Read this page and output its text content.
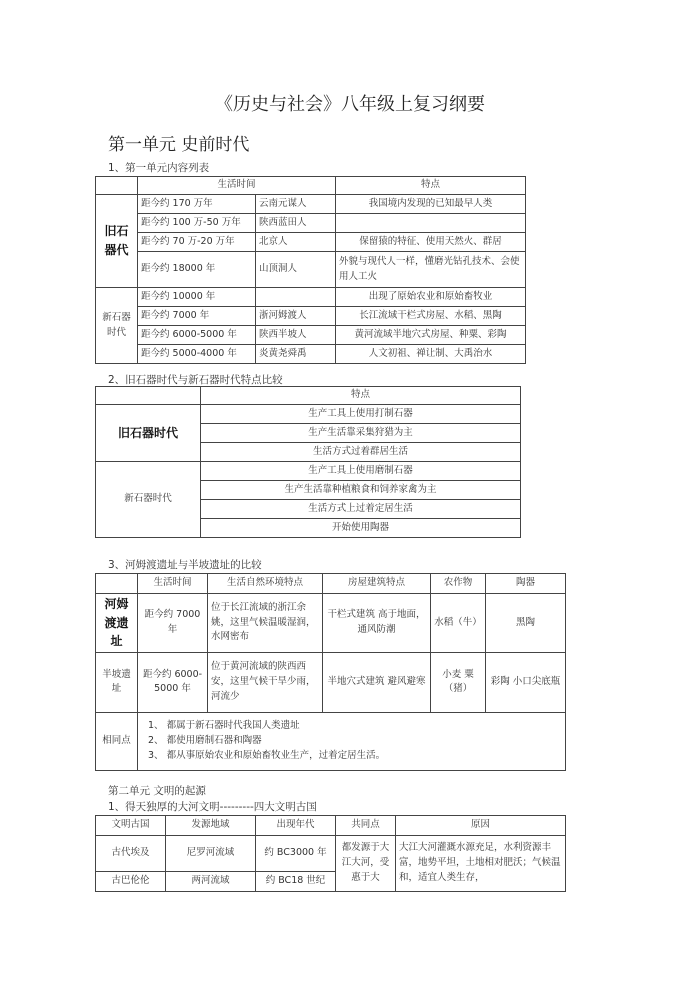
《历史与社会》八年级上复习纲要
第一单元 史前时代
1、第一单元内容列表
	生活时间		特点
旧石器代	距今约 170 万年	云南元谋人	我国境内发现的已知最早人类
	距今约 100 万-50 万年	陕西蓝田人	
	距今约 70 万-20 万年	北京人	保留猿的特征、使用天然火、群居
	距今约 18000 年	山顶洞人	外貌与现代人一样，懂磨光钻孔技术、会使用人工火
新石器时代	距今约 10000 年		出现了原始农业和原始畜牧业
	距今约 7000 年	浙河姆渡人	长江流域干栏式房屋、水稻、黑陶
	距今约 6000-5000 年	陕西半坡人	黄河流域半地穴式房屋、种粟、彩陶
	距今约 5000-4000 年	炎黄尧舜禹	人文初祖、禅让制、大禹治水
2、旧石器时代与新石器时代特点比较
	特点
旧石器时代	生产工具上使用打制石器
	生产生活靠采集狩猎为主
	生活方式过着群居生活
新石器时代	生产工具上使用磨制石器
	生产生活靠种植粮食和饲养家禽为主
	生活方式上过着定居生活
	开始使用陶器
3、河姆渡遗址与半坡遗址的比较
	生活时间	生活自然环境特点	房屋建筑特点	农作物	陶器
河姆渡遗址	距今约 7000 年	位于长江流域的浙江余姚，这里气候温暖湿润，水网密布	干栏式建筑 高于地面，通风防潮	水稻（牛）	黑陶
半坡遗址	距今约 6000-5000 年	位于黄河流域的陕西西安，这里气候干旱少雨，河流少	半地穴式建筑 避风避寒	小麦 粟 （猪）	彩陶 小口尖底瓶
相同点	1、 都属于新石器时代我国人类遗址
2、 都使用磨制石器和陶器
3、 都从事原始农业和原始畜牧业生产，过着定居生活。				
第二单元 文明的起源
1、得天独厚的大河文明---------四大文明古国
文明古国	发源地域	出现年代	共同点	原因
古代埃及	尼罗河流域	约 BC3000 年	都发源于大江大河，受惠于大	大江大河灌溉水源充足，水利资源丰富，地势平坦，土地相对肥沃；气候温和，适宜人类生存，
古巴伦伦	两河流域	约 BC18 世纪		
